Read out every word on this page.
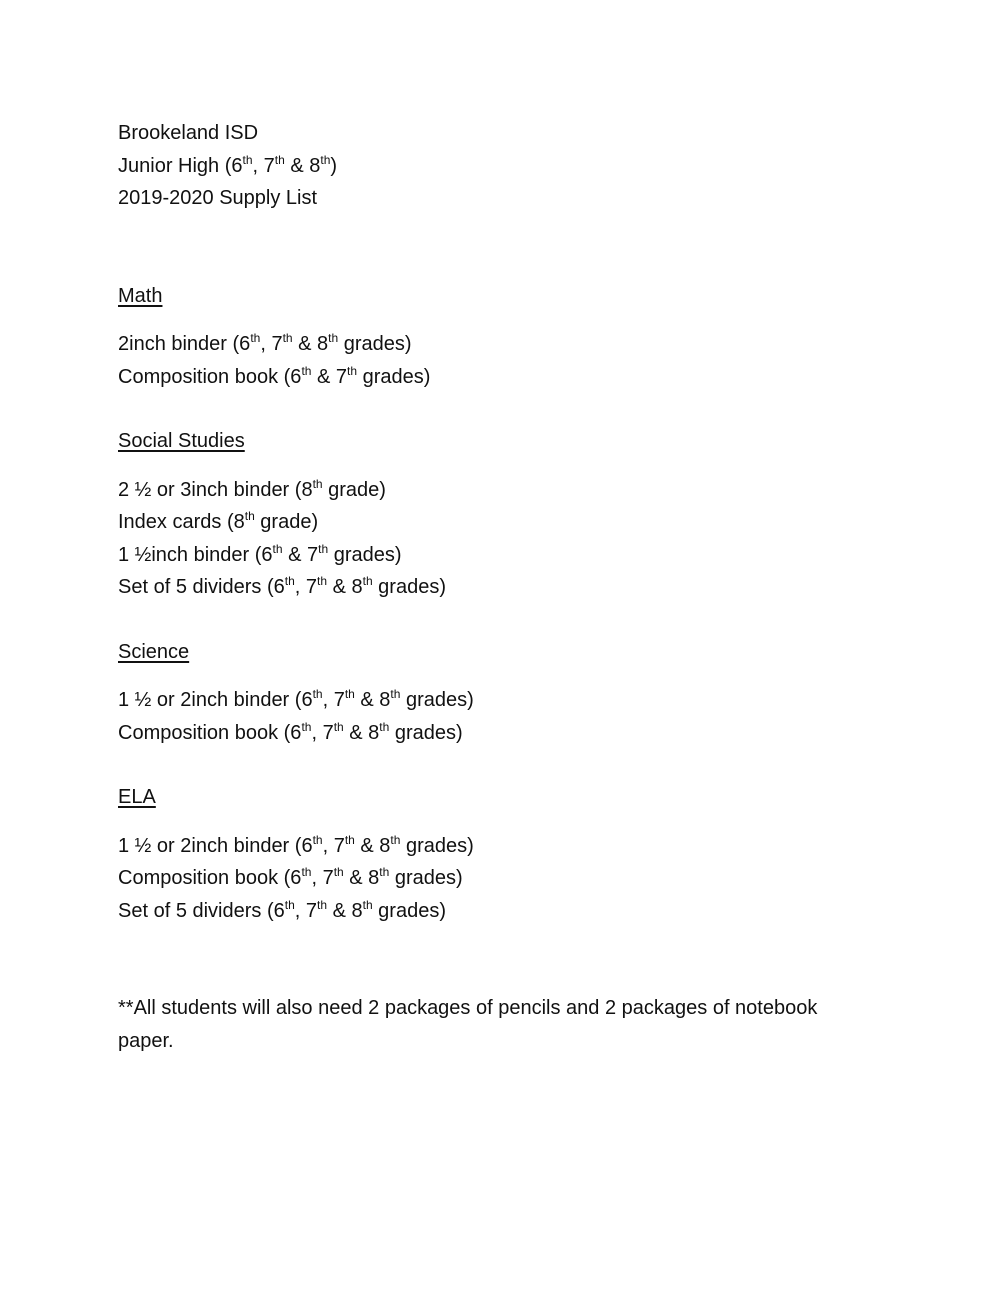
Brookeland ISD
Junior High (6th, 7th & 8th)
2019-2020 Supply List
Math
2inch binder (6th, 7th & 8th grades)
Composition book (6th & 7th grades)
Social Studies
2 ½ or 3inch binder (8th grade)
Index cards (8th grade)
1 ½inch binder (6th & 7th grades)
Set of 5 dividers (6th, 7th & 8th grades)
Science
1 ½ or 2inch binder (6th, 7th & 8th grades)
Composition book (6th, 7th & 8th grades)
ELA
1 ½ or 2inch binder (6th, 7th & 8th grades)
Composition book (6th, 7th & 8th grades)
Set of 5 dividers (6th, 7th & 8th grades)
**All students will also need 2 packages of pencils and 2 packages of notebook paper.
